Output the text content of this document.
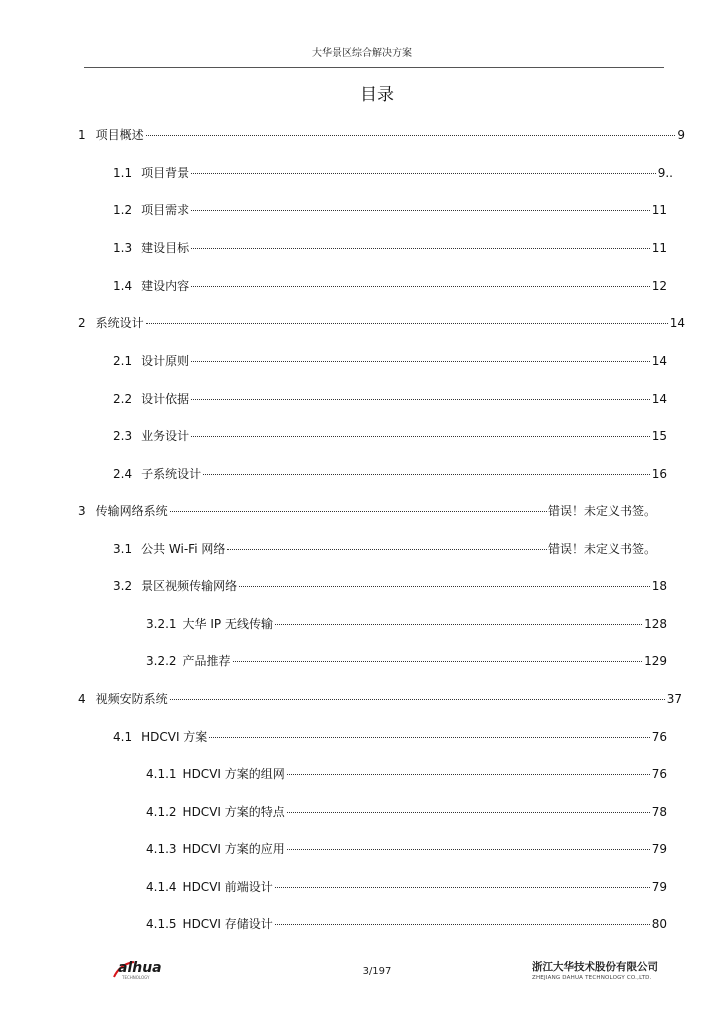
大华景区综合解决方案
目录
1 项目概述	9
1.1 项目背景	9..
1.2 项目需求	11
1.3 建设目标	11
1.4 建设内容	12
2 系统设计	14
2.1 设计原则	14
2.2 设计依据	14
2.3 业务设计	15
2.4 子系统设计	16
3 传输网络系统	错误！未定义书签。
3.1 公共 Wi-Fi 网络	错误！未定义书签。
3.2 景区视频传输网络	18
3.2.1 大华 IP 无线传输	128
3.2.2 产品推荐	129
4 视频安防系统	37
4.1 HDCVI 方案	76
4.1.1 HDCVI 方案的组网	76
4.1.2 HDCVI 方案的特点	78
4.1.3 HDCVI 方案的应用	79
4.1.4 HDCVI 前端设计	79
4.1.5 HDCVI 存储设计	80
alhua
TECHNOLOGY
3/197	浙江大华技术股份有限公司
ZHEJIANG DAHUA TECHNOLOGY CO.,LTD.
